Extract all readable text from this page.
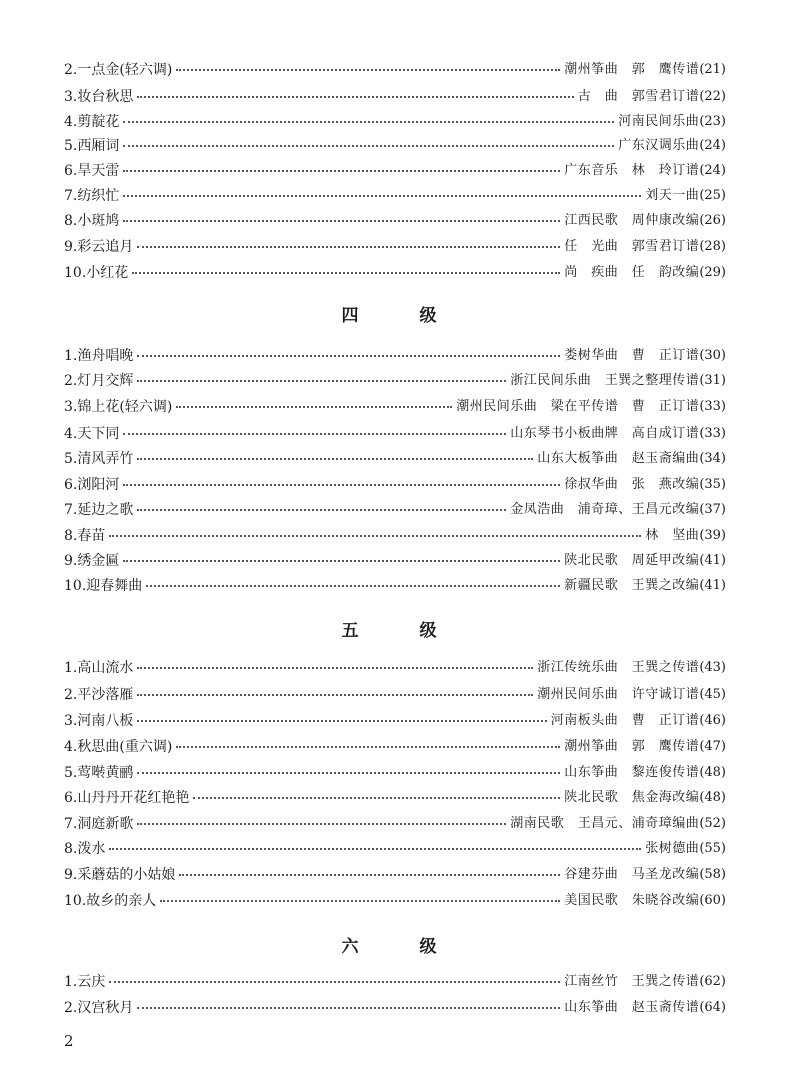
2.一点金(轻六调)	潮州筝曲　郭　鹰传谱 (21)
3.妆台秋思	古　曲　郭雪君订谱 (22)
4.剪靛花	河南民间乐曲 (23)
5.西厢词	广东汉调乐曲 (24)
6.旱天雷	广东音乐　林　玲订谱 (24)
7.纺织忙	刘天一曲 (25)
8.小斑鸠	江西民歌　周仲康改编 (26)
9.彩云追月	任　光曲　郭雪君订谱 (28)
10.小红花	尚　疾曲　任　韵改编 (29)
四　级
1.渔舟唱晚	娄树华曲　曹　正订谱 (30)
2.灯月交辉	浙江民间乐曲　王巽之整理传谱 (31)
3.锦上花(轻六调)	潮州民间乐曲　梁在平传谱　曹　正订谱 (33)
4.天下同	山东琴书小板曲牌　高自成订谱 (33)
5.清风弄竹	山东大板筝曲　赵玉斋编曲 (34)
6.浏阳河	徐叔华曲　张　燕改编 (35)
7.延边之歌	金凤浩曲　浦奇璋、王昌元改编 (37)
8.春苗	林　坚曲 (39)
9.绣金匾	陕北民歌　周延甲改编 (41)
10.迎春舞曲	新疆民歌　王巽之改编 (41)
五　级
1.高山流水	浙江传统乐曲　王巽之传谱 (43)
2.平沙落雁	潮州民间乐曲　许守诚订谱 (45)
3.河南八板	河南板头曲　曹　正订谱 (46)
4.秋思曲(重六调)	潮州筝曲　郭　鹰传谱 (47)
5.莺啭黄鹂	山东筝曲　黎连俊传谱 (48)
6.山丹丹开花红艳艳	陕北民歌　焦金海改编 (48)
7.洞庭新歌	湖南民歌　王昌元、浦奇璋编曲 (52)
8.泼水	张树德曲 (55)
9.采蘑菇的小姑娘	谷建芬曲　马圣龙改编 (58)
10.故乡的亲人	美国民歌　朱晓谷改编 (60)
六　级
1.云庆	江南丝竹　王巽之传谱 (62)
2.汉宫秋月	山东筝曲　赵玉斋传谱 (64)
2
